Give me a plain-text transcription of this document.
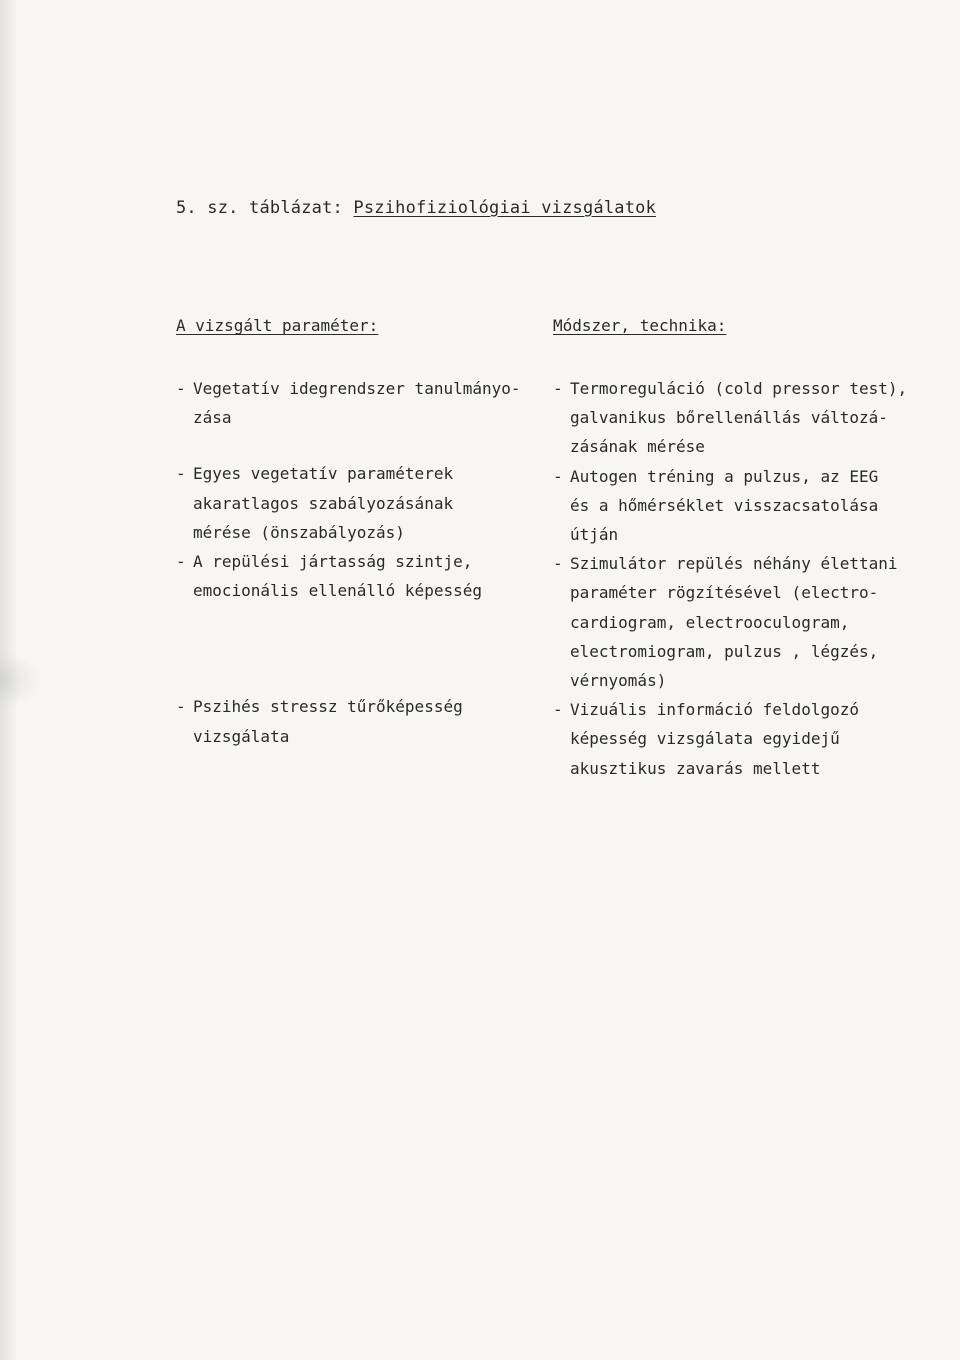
5. sz. táblázat: Pszihofiziológiai vizsgálatok
A vizsgált paraméter:	Módszer, technika:
- Vegetatív idegrendszer tanulmányo-
zása
- Egyes vegetatív paraméterek
akaratlagos szabályozásának
mérése (önszabályozás)
- A repülési jártasság szintje,
emocionális ellenálló képesség
- Pszihés stressz tűrőképesség
vizsgálata
- Termoreguláció (cold pressor test),
galvanikus bőrellenállás változá-
zásának mérése
- Autogen tréning a pulzus, az EEG
és a hőmérséklet visszacsatolása
útján
- Szimulátor repülés néhány élettani
paraméter rögzítésével (electro-
cardiogram, electrooculogram,
electromiogram, pulzus , légzés,
vérnyomás)
- Vizuális információ feldolgozó
képesség vizsgálata egyidejű
akusztikus zavarás mellett
